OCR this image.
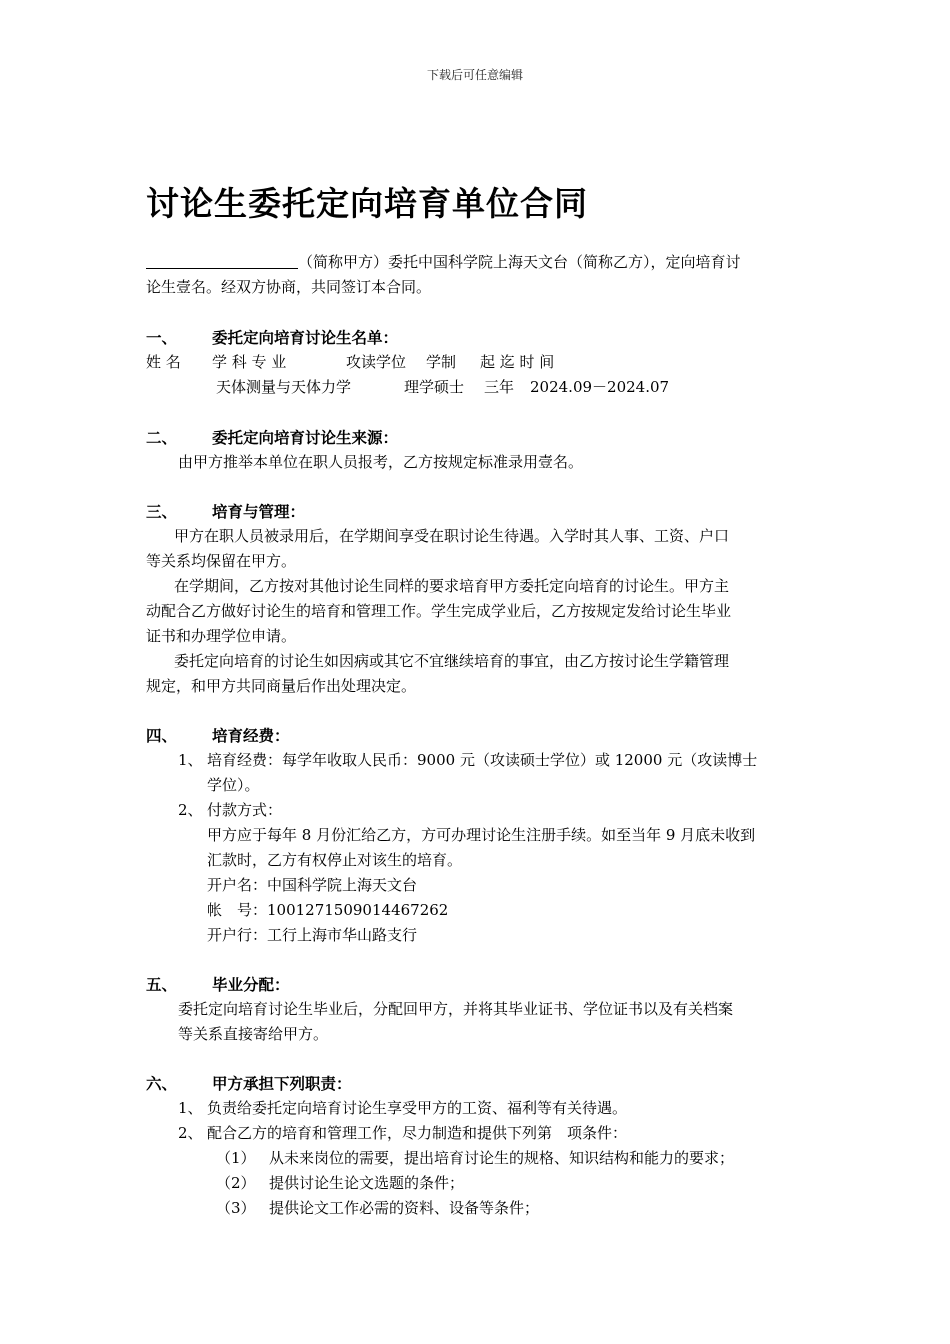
下载后可任意编辑
讨论生委托定向培育单位合同
（简称甲方）委托中国科学院上海天文台（简称乙方），定向培育讨
论生壹名。经双方协商，共同签订本合同。
一、 委托定向培育讨论生名单：
姓 名 学 科 专 业	攻读学位 学制 起 迄 时 间
天体测量与天体力学	理学硕士 三年 2024.09－2024.07
二、 委托定向培育讨论生来源：
由甲方推举本单位在职人员报考，乙方按规定标准录用壹名。
三、 培育与管理：
甲方在职人员被录用后，在学期间享受在职讨论生待遇。入学时其人事、工资、户口
等关系均保留在甲方。
在学期间，乙方按对其他讨论生同样的要求培育甲方委托定向培育的讨论生。甲方主
动配合乙方做好讨论生的培育和管理工作。学生完成学业后，乙方按规定发给讨论生毕业
证书和办理学位申请。
委托定向培育的讨论生如因病或其它不宜继续培育的事宜，由乙方按讨论生学籍管理
规定，和甲方共同商量后作出处理决定。
四、 培育经费：
1、 培育经费：每学年收取人民币：9000 元（攻读硕士学位）或 12000 元（攻读博士
学位）。
2、 付款方式：
甲方应于每年 8 月份汇给乙方，方可办理讨论生注册手续。如至当年 9 月底未收到
汇款时，乙方有权停止对该生的培育。
开户名：中国科学院上海天文台
帐　号：1001271509014467262
开户行：工行上海市华山路支行
五、 毕业分配：
委托定向培育讨论生毕业后，分配回甲方，并将其毕业证书、学位证书以及有关档案
等关系直接寄给甲方。
六、 甲方承担下列职责：
1、 负责给委托定向培育讨论生享受甲方的工资、福利等有关待遇。
2、 配合乙方的培育和管理工作，尽力制造和提供下列第　项条件：
（1） 从未来岗位的需要，提出培育讨论生的规格、知识结构和能力的要求；
（2） 提供讨论生论文选题的条件；
（3） 提供论文工作必需的资料、设备等条件；
